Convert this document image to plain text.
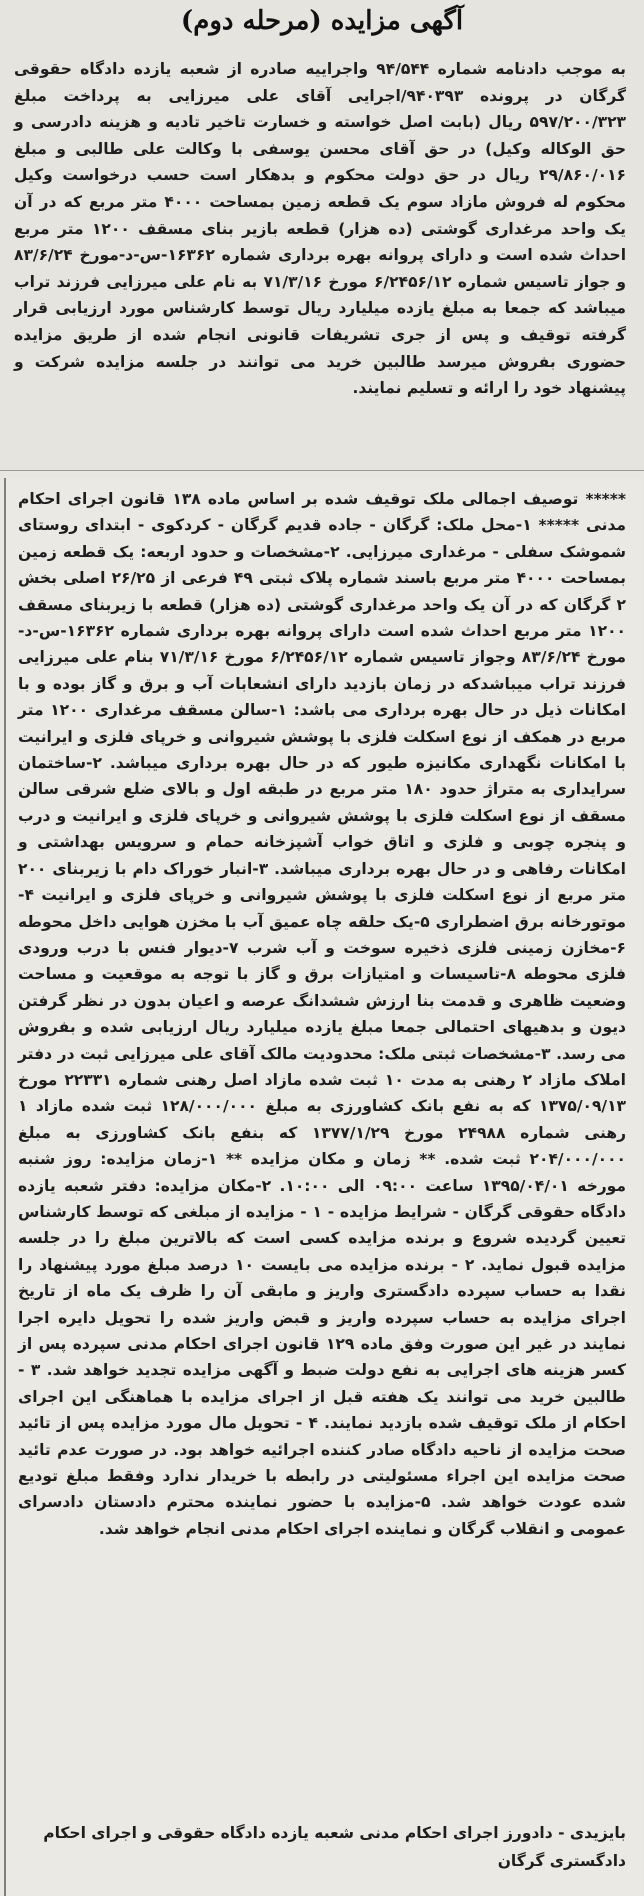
آگهی مزایده (مرحله دوم)

به موجب دادنامه شماره ۹۴/۵۴۴ واجراییه صادره از شعبه یازده دادگاه حقوقی گرگان در پرونده ۹۴۰۳۹۳/اجرایی آقای علی میرزایی به پرداخت مبلغ ۵۹۷/۲۰۰/۳۲۳ ریال (بابت اصل خواسته و خسارت تاخیر تادیه و هزینه دادرسی و حق الوکاله وکیل) در حق آقای محسن یوسفی با وکالت علی طالبی و مبلغ ۲۹/۸۶۰/۰۱۶ ریال در حق دولت محکوم و بدهکار است حسب درخواست وکیل محکوم له فروش مازاد سوم یک قطعه زمین بمساحت ۴۰۰۰ متر مربع که در آن یک واحد مرغداری گوشتی (ده هزار) قطعه بازیر بنای مسقف ۱۲۰۰ متر مربع احداث شده است و دارای پروانه بهره برداری شماره ۱۶۳۶۲-س-د-مورخ ۸۳/۶/۲۴ و جواز تاسیس شماره ۶/۲۴۵۶/۱۲ مورخ ۷۱/۳/۱۶ به نام علی میرزایی فرزند تراب میباشد که جمعا به مبلغ یازده میلیارد ریال توسط کارشناس مورد ارزیابی قرار گرفته توقیف و پس از جری تشریفات قانونی انجام شده از طریق مزایده حضوری بفروش میرسد طالبین خرید می توانند در جلسه مزایده شرکت و پیشنهاد خود را ارائه و تسلیم نمایند.

***** توصیف اجمالی ملک توقیف شده بر اساس ماده ۱۳۸ قانون اجرای احکام مدنی ***** ۱-محل ملک: گرگان - جاده قدیم گرگان - کردکوی - ابتدای روستای شموشک سفلی - مرغداری میرزایی. ۲-مشخصات و حدود اربعه: یک قطعه زمین بمساحت ۴۰۰۰ متر مربع باسند شماره پلاک ثبتی ۴۹ فرعی از ۲۶/۲۵ اصلی بخش ۲ گرگان که در آن یک واحد مرغداری گوشتی (ده هزار) قطعه با زیربنای مسقف ۱۲۰۰ متر مربع احداث شده است دارای پروانه بهره برداری شماره ۱۶۳۶۲-س-د-مورخ ۸۳/۶/۲۴ وجواز تاسیس شماره ۶/۲۴۵۶/۱۲ مورخ ۷۱/۳/۱۶ بنام علی میرزایی فرزند تراب میباشدکه در زمان بازدید دارای انشعابات آب و برق و گاز بوده و با امکانات ذیل در حال بهره برداری می باشد: ۱-سالن مسقف مرغداری ۱۲۰۰ متر مربع در همکف از نوع اسکلت فلزی با پوشش شیروانی و خرپای فلزی و ایرانیت با امکانات نگهداری مکانیزه طیور که در حال بهره برداری میباشد. ۲-ساختمان سرایداری به متراژ حدود ۱۸۰ متر مربع در طبقه اول و بالای ضلع شرقی سالن مسقف از نوع اسکلت فلزی با پوشش شیروانی و خرپای فلزی و ایرانیت و درب و پنجره چوبی و فلزی و اتاق خواب آشپزخانه حمام و سرویس بهداشتی و امکانات رفاهی و در حال بهره برداری میباشد. ۳-انبار خوراک دام با زیربنای ۲۰۰ متر مربع از نوع اسکلت فلزی با پوشش شیروانی و خرپای فلزی و ایرانیت ۴-موتورخانه برق اضطراری ۵-یک حلقه چاه عمیق آب با مخزن هوایی داخل محوطه ۶-مخازن زمینی فلزی ذخیره سوخت و آب شرب ۷-دیوار فنس با درب ورودی فلزی محوطه ۸-تاسیسات و امتیازات برق و گاز با توجه به موقعیت و مساحت وضعیت ظاهری و قدمت بنا ارزش ششدانگ عرصه و اعیان بدون در نظر گرفتن دیون و بدهیهای احتمالی جمعا مبلغ یازده میلیارد ریال ارزیابی شده و بفروش می رسد. ۳-مشخصات ثبتی ملک: محدودیت مالک آقای علی میرزایی ثبت در دفتر املاک مازاد ۲ رهنی به مدت ۱۰ ثبت شده مازاد اصل رهنی شماره ۲۲۳۳۱ مورخ ۱۳۷۵/۰۹/۱۳ که به نفع بانک کشاورزی به مبلغ ۱۲۸/۰۰۰/۰۰۰ ثبت شده مازاد ۱ رهنی شماره ۲۴۹۸۸ مورخ ۱۳۷۷/۱/۲۹ که بنفع بانک کشاورزی به مبلغ ۲۰۴/۰۰۰/۰۰۰ ثبت شده. ** زمان و مکان مزایده ** ۱-زمان مزایده: روز شنبه مورخه ۱۳۹۵/۰۴/۰۱ ساعت ۰۹:۰۰ الی ۱۰:۰۰. ۲-مکان مزایده: دفتر شعبه یازده دادگاه حقوقی گرگان - شرایط مزایده - ۱ - مزایده از مبلغی که توسط کارشناس تعیین گردیده شروع و برنده مزایده کسی است که بالاترین مبلغ را در جلسه مزایده قبول نماید. ۲ - برنده مزایده می بایست ۱۰ درصد مبلغ مورد پیشنهاد را نقدا به حساب سپرده دادگستری واریز و مابقی آن را ظرف یک ماه از تاریخ اجرای مزایده به حساب سپرده واریز و قبض واریز شده را تحویل دایره اجرا نمایند در غیر این صورت وفق ماده ۱۲۹ قانون اجرای احکام مدنی سپرده پس از کسر هزینه های اجرایی به نفع دولت ضبط و آگهی مزایده تجدید خواهد شد. ۳ - طالبین خرید می توانند یک هفته قبل از اجرای مزایده با هماهنگی این اجرای احکام از ملک توقیف شده بازدید نمایند. ۴ - تحویل مال مورد مزایده پس از تائید صحت مزایده از ناحیه دادگاه صادر کننده اجرائیه خواهد بود. در صورت عدم تائید صحت مزایده این اجراء مسئولیتی در رابطه با خریدار ندارد وفقط مبلغ تودیع شده عودت خواهد شد. ۵-مزایده با حضور نماینده محترم دادستان دادسرای عمومی و انقلاب گرگان و نماینده اجرای احکام مدنی انجام خواهد شد.

بایزیدی - دادورز اجرای احکام مدنی شعبه یازده دادگاه حقوقی و اجرای احکام

دادگستری گرگان
